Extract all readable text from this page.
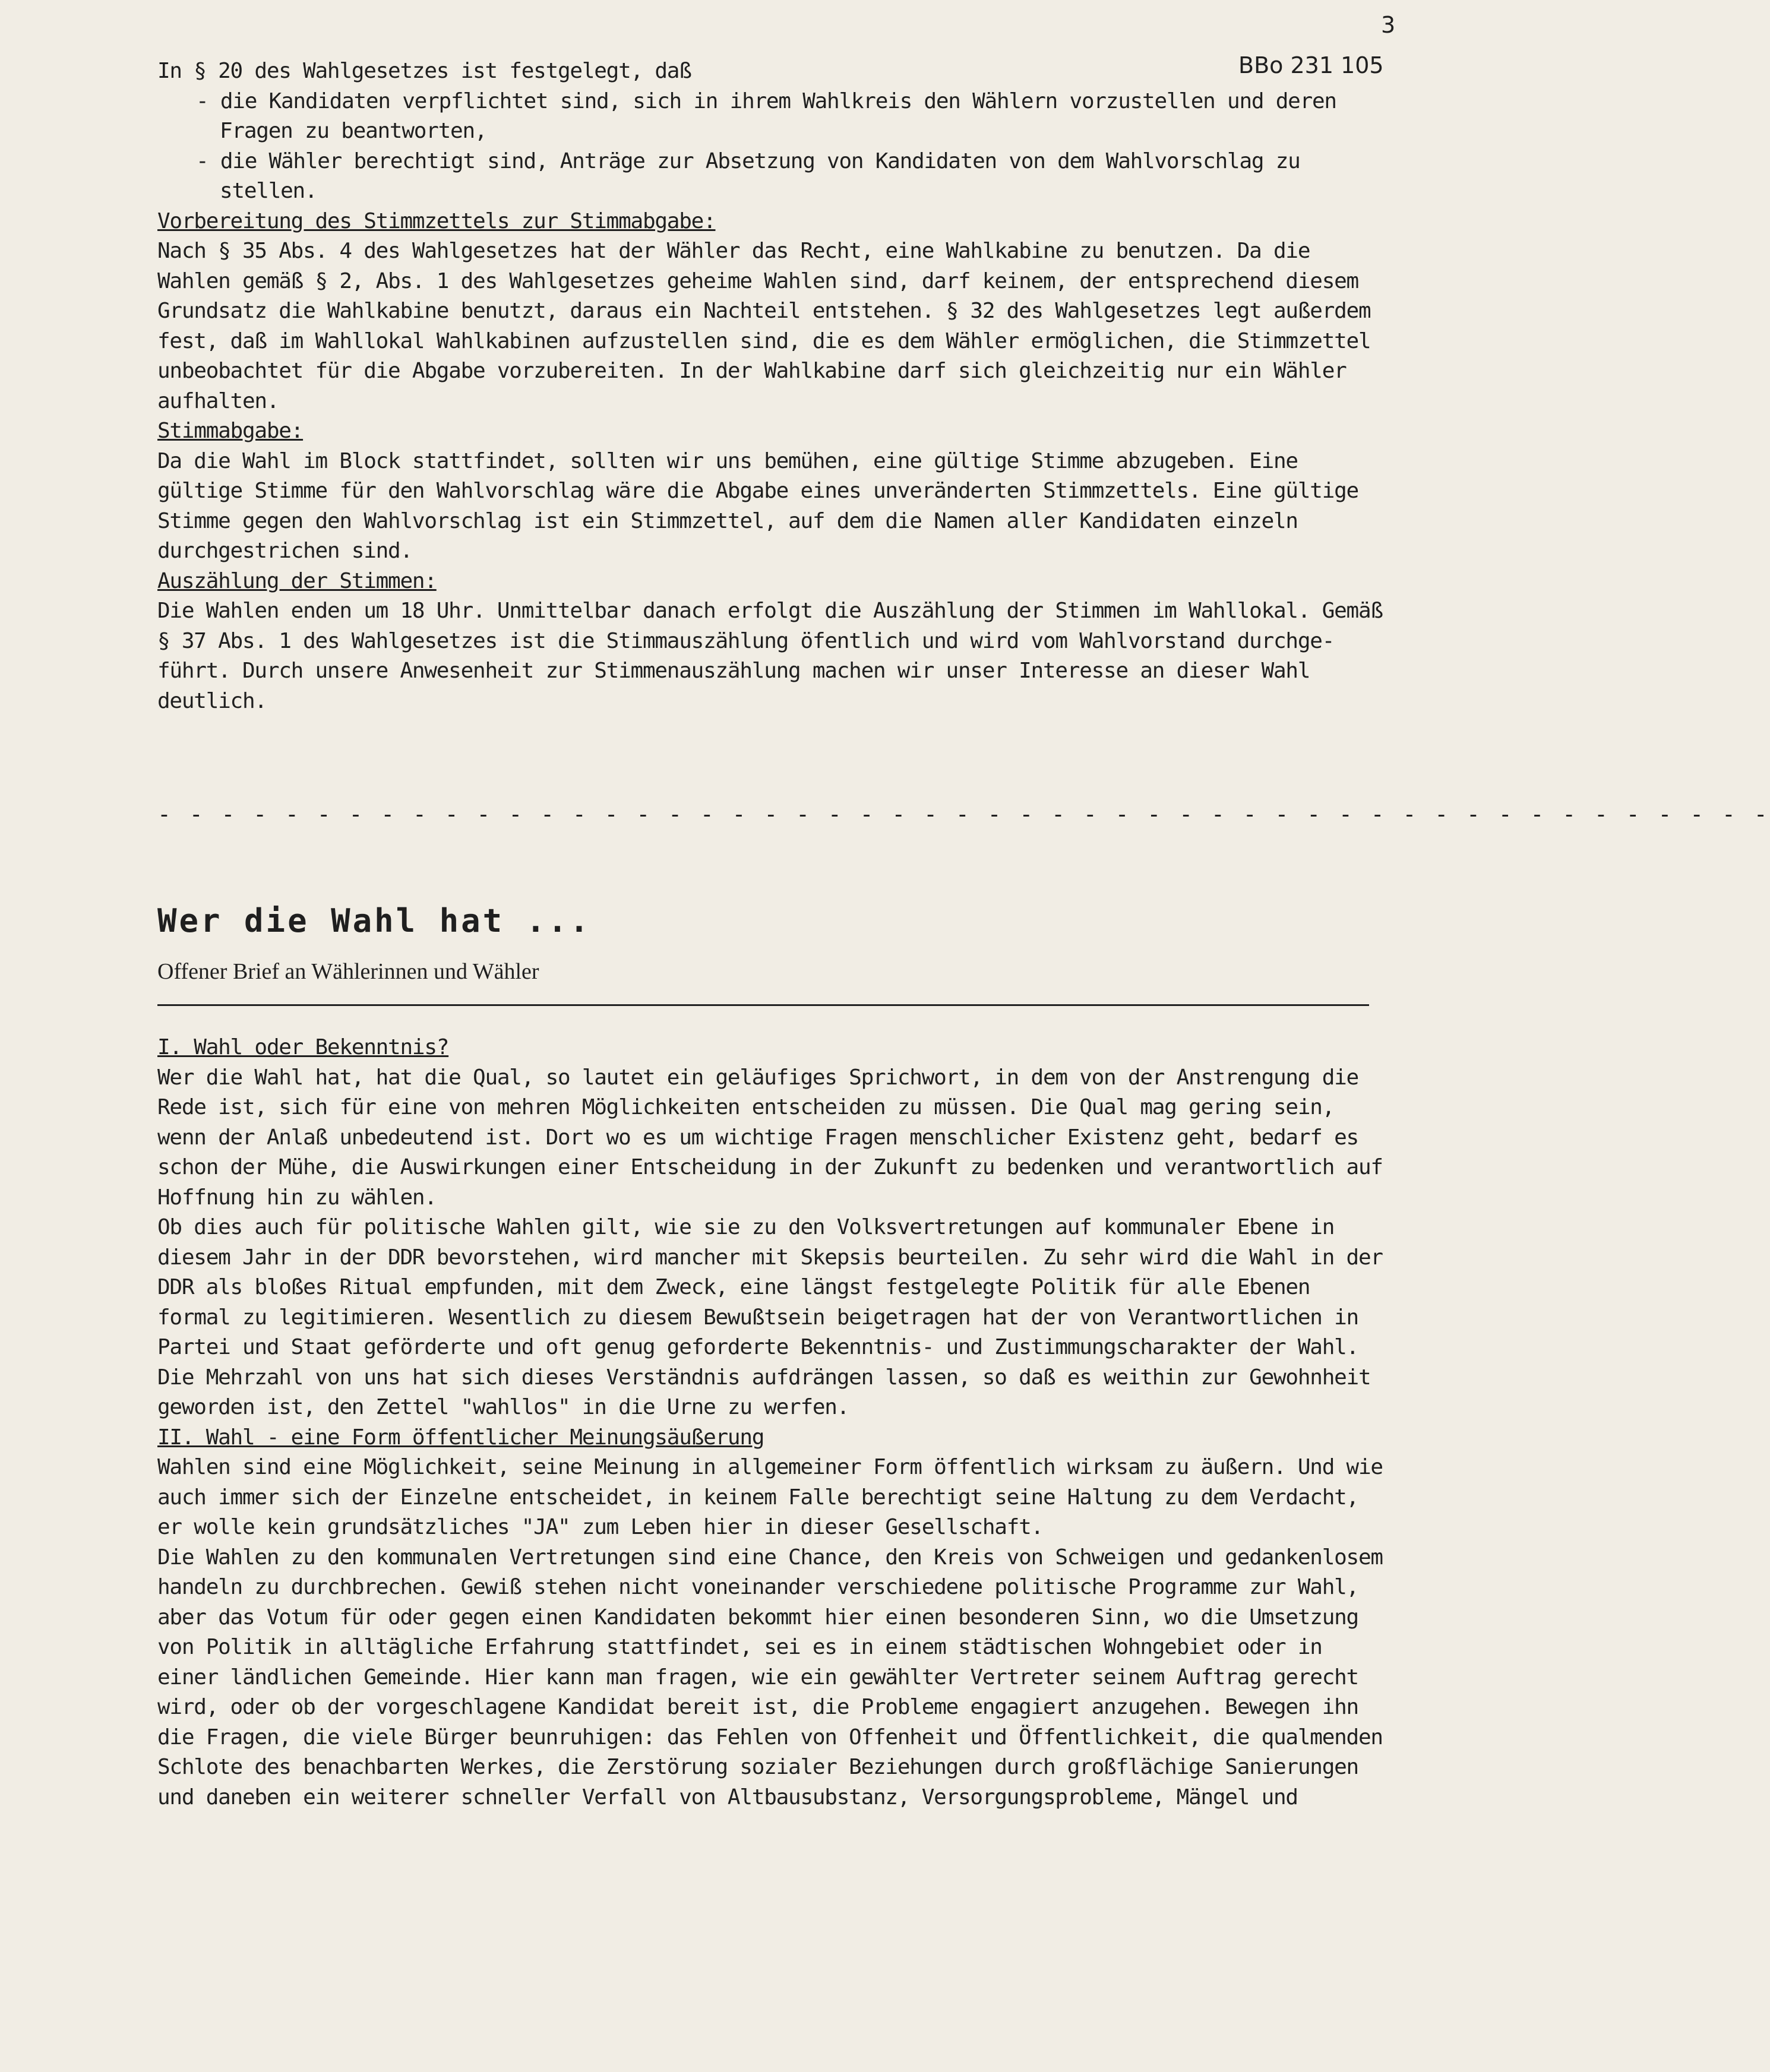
3
BBo 231 105
In § 20 des Wahlgesetzes ist festgelegt, daß
- die Kandidaten verpflichtet sind, sich in ihrem Wahlkreis den Wählern vorzustellen und deren
Fragen zu beantworten,
- die Wähler berechtigt sind, Anträge zur Absetzung von Kandidaten von dem Wahlvorschlag zu
stellen.
Vorbereitung des Stimmzettels zur Stimmabgabe:
Nach § 35 Abs. 4 des Wahlgesetzes hat der Wähler das Recht, eine Wahlkabine zu benutzen. Da die
Wahlen gemäß § 2, Abs. 1 des Wahlgesetzes geheime Wahlen sind, darf keinem, der entsprechend diesem
Grundsatz die Wahlkabine benutzt, daraus ein Nachteil entstehen. § 32 des Wahlgesetzes legt außerdem
fest, daß im Wahllokal Wahlkabinen aufzustellen sind, die es dem Wähler ermöglichen, die Stimmzettel
unbeobachtet für die Abgabe vorzubereiten. In der Wahlkabine darf sich gleichzeitig nur ein Wähler
aufhalten.
Stimmabgabe:
Da die Wahl im Block stattfindet, sollten wir uns bemühen, eine gültige Stimme abzugeben. Eine
gültige Stimme für den Wahlvorschlag wäre die Abgabe eines unveränderten Stimmzettels. Eine gültige
Stimme gegen den Wahlvorschlag ist ein Stimmzettel, auf dem die Namen aller Kandidaten einzeln
durchgestrichen sind.
Auszählung der Stimmen:
Die Wahlen enden um 18 Uhr. Unmittelbar danach erfolgt die Auszählung der Stimmen im Wahllokal. Gemäß
§ 37 Abs. 1 des Wahlgesetzes ist die Stimmauszählung öfentlich und wird vom Wahlvorstand durchge-
führt. Durch unsere Anwesenheit zur Stimmenauszählung machen wir unser Interesse an dieser Wahl
deutlich.
- - - - - - - - - - - - - - - - - - - - - - - - - - - - - - - - - - - - - - - - - - - - - - - - - - -
Wer die Wahl hat ...
Offener Brief an Wählerinnen und Wähler
I. Wahl oder Bekenntnis?
Wer die Wahl hat, hat die Qual, so lautet ein geläufiges Sprichwort, in dem von der Anstrengung die
Rede ist, sich für eine von mehren Möglichkeiten entscheiden zu müssen. Die Qual mag gering sein,
wenn der Anlaß unbedeutend ist. Dort wo es um wichtige Fragen menschlicher Existenz geht, bedarf es
schon der Mühe, die Auswirkungen einer Entscheidung in der Zukunft zu bedenken und verantwortlich auf
Hoffnung hin zu wählen.
Ob dies auch für politische Wahlen gilt, wie sie zu den Volksvertretungen auf kommunaler Ebene in
diesem Jahr in der DDR bevorstehen, wird mancher mit Skepsis beurteilen. Zu sehr wird die Wahl in der
DDR als bloßes Ritual empfunden, mit dem Zweck, eine längst festgelegte Politik für alle Ebenen
formal zu legitimieren. Wesentlich zu diesem Bewußtsein beigetragen hat der von Verantwortlichen in
Partei und Staat geförderte und oft genug geforderte Bekenntnis- und Zustimmungscharakter der Wahl.
Die Mehrzahl von uns hat sich dieses Verständnis aufdrängen lassen, so daß es weithin zur Gewohnheit
geworden ist, den Zettel "wahllos" in die Urne zu werfen.
II. Wahl - eine Form öffentlicher Meinungsäußerung
Wahlen sind eine Möglichkeit, seine Meinung in allgemeiner Form öffentlich wirksam zu äußern. Und wie
auch immer sich der Einzelne entscheidet, in keinem Falle berechtigt seine Haltung zu dem Verdacht,
er wolle kein grundsätzliches "JA" zum Leben hier in dieser Gesellschaft.
Die Wahlen zu den kommunalen Vertretungen sind eine Chance, den Kreis von Schweigen und gedankenlosem
handeln zu durchbrechen. Gewiß stehen nicht voneinander verschiedene politische Programme zur Wahl,
aber das Votum für oder gegen einen Kandidaten bekommt hier einen besonderen Sinn, wo die Umsetzung
von Politik in alltägliche Erfahrung stattfindet, sei es in einem städtischen Wohngebiet oder in
einer ländlichen Gemeinde. Hier kann man fragen, wie ein gewählter Vertreter seinem Auftrag gerecht
wird, oder ob der vorgeschlagene Kandidat bereit ist, die Probleme engagiert anzugehen. Bewegen ihn
die Fragen, die viele Bürger beunruhigen: das Fehlen von Offenheit und Öffentlichkeit, die qualmenden
Schlote des benachbarten Werkes, die Zerstörung sozialer Beziehungen durch großflächige Sanierungen
und daneben ein weiterer schneller Verfall von Altbausubstanz, Versorgungsprobleme, Mängel und
